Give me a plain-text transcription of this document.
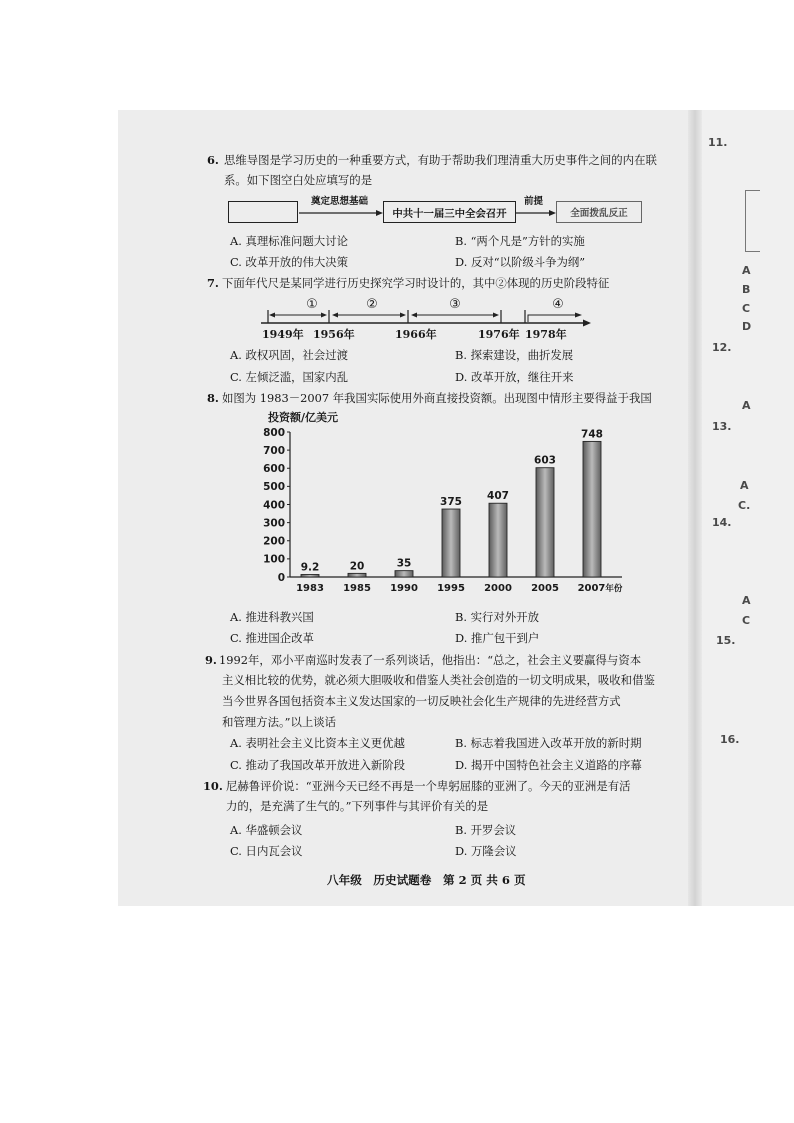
6. 思维导图是学习历史的一种重要方式，有助于帮助我们理清重大历史事件之间的内在联
系。如下图空白处应填写的是
奠定思想基础
中共十一届三中全会召开
前提
全面拨乱反正
A. 真理标准问题大讨论	B. “两个凡是”方针的实施
C. 改革开放的伟大决策	D. 反对“以阶级斗争为纲”
7. 下面年代尺是某同学进行历史探究学习时设计的，其中②体现的历史阶段特征
①	②	③	④
1949年 1956年	1966年	1976年 1978年
A. 政权巩固，社会过渡	B. 探索建设，曲折发展
C. 左倾泛滥，国家内乱	D. 改革开放，继往开来
8. 如图为 1983－2007 年我国实际使用外商直接投资额。出现图中情形主要得益于我国
投资额/亿美元
0
100
200
300
400
500
600
700
800
9.2
1983
20
1985
35
1990
375
1995
407
2000
603
2005
748
2007年份
A. 推进科教兴国	B. 实行对外开放
C. 推进国企改革	D. 推广包干到户
9. 1992年，邓小平南巡时发表了一系列谈话，他指出：“总之，社会主义要赢得与资本
主义相比较的优势，就必须大胆吸收和借鉴人类社会创造的一切文明成果，吸收和借鉴
当今世界各国包括资本主义发达国家的一切反映社会化生产规律的先进经营方式
和管理方法。”以上谈话
A. 表明社会主义比资本主义更优越	B. 标志着我国进入改革开放的新时期
C. 推动了我国改革开放进入新阶段	D. 揭开中国特色社会主义道路的序幕
10. 尼赫鲁评价说：“亚洲今天已经不再是一个卑躬屈膝的亚洲了。今天的亚洲是有活
力的，是充满了生气的。”下列事件与其评价有关的是
A. 华盛顿会议	B. 开罗会议
C. 日内瓦会议	D. 万隆会议
八年级　历史试题卷　第 2 页 共 6 页
11.
A
B
C
D
12.
A
13.
A
C.
14.
A
C
15.
16.
